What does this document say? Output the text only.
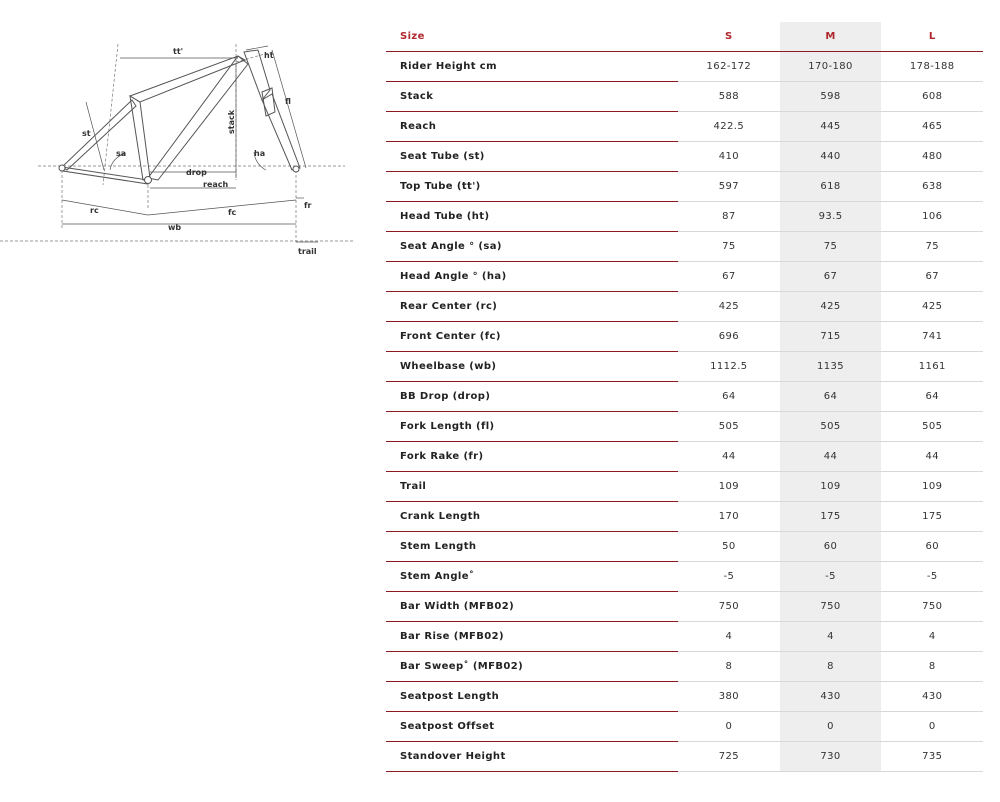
tt'	ht
fl
st	stack
sa	ha
drop
reach
rc	fc
wb
fr
trail
Size	S	M	L
Rider Height cm	162-172	170-180	178-188
Stack	588	598	608
Reach	422.5	445	465
Seat Tube (st)	410	440	480
Top Tube (tt')	597	618	638
Head Tube (ht)	87	93.5	106
Seat Angle ° (sa)	75	75	75
Head Angle ° (ha)	67	67	67
Rear Center (rc)	425	425	425
Front Center (fc)	696	715	741
Wheelbase (wb)	1112.5	1135	1161
BB Drop (drop)	64	64	64
Fork Length (fl)	505	505	505
Fork Rake (fr)	44	44	44
Trail	109	109	109
Crank Length	170	175	175
Stem Length	50	60	60
Stem Angle˚	-5	-5	-5
Bar Width (MFB02)	750	750	750
Bar Rise (MFB02)	4	4	4
Bar Sweep˚ (MFB02)	8	8	8
Seatpost Length	380	430	430
Seatpost Offset	0	0	0
Standover Height	725	730	735
